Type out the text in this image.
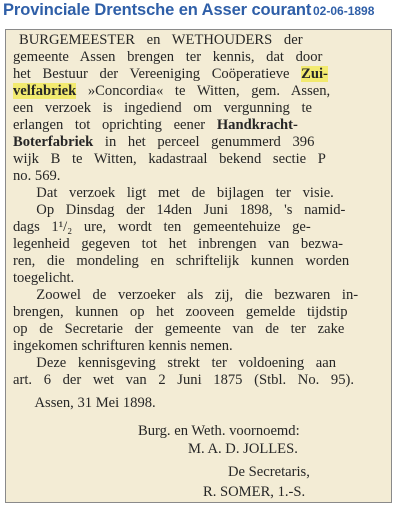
Provinciale Drentsche en Asser courant 02-06-1898
BURGEMEESTER en WETHOUDERS der
gemeente Assen brengen ter kennis, dat door
het Bestuur der Vereeniging Coöperatieve Zui-
velfabriek »Concordia« te Witten, gem. Assen,
een verzoek is ingediend om vergunning te
erlangen tot oprichting eener Handkracht-
Boterfabriek in het perceel genummerd 396
wijk B te Witten, kadastraal bekend sectie P
no. 569.
Dat verzoek ligt met de bijlagen ter visie.
Op Dinsdag der 14den Juni 1898, 's namid-
dags 1¹/₂ ure, wordt ten gemeentehuize ge-
legenheid gegeven tot het inbrengen van bezwa-
ren, die mondeling en schriftelijk kunnen worden
toegelicht.
Zoowel de verzoeker als zij, die bezwaren in-
brengen, kunnen op het zooveen gemelde tijdstip
op de Secretarie der gemeente van de ter zake
ingekomen schrifturen kennis nemen.
Deze kennisgeving strekt ter voldoening aan
art. 6 der wet van 2 Juni 1875 (Stbl. No. 95).
Assen, 31 Mei 1898.
Burg. en Weth. voornoemd:
M. A. D. JOLLES.
De Secretaris,
R. SOMER, 1.-S.
